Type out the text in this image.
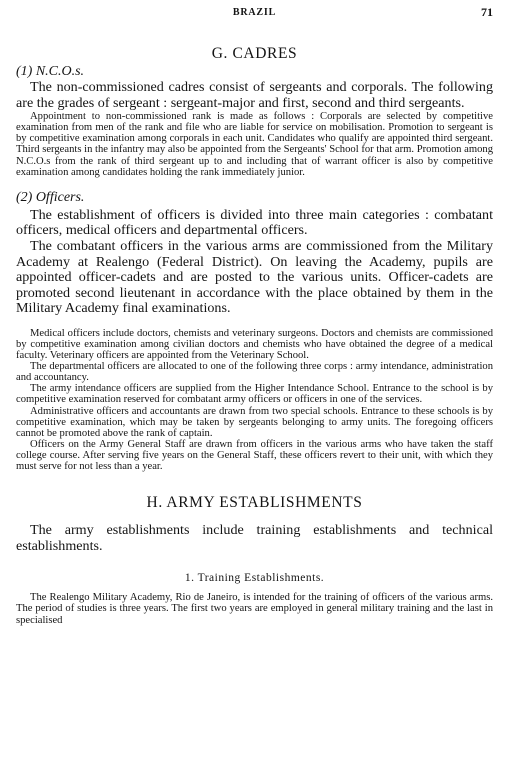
BRAZIL	71
G. CADRES
(1) N.C.O.s.

The non-commissioned cadres consist of sergeants and corporals. The following are the grades of sergeant : sergeant-major and first, second and third sergeants.

Appointment to non-commissioned rank is made as follows : Corporals are selected by competitive examination from men of the rank and file who are liable for service on mobilisation. Promotion to sergeant is by competitive examination among corporals in each unit. Candidates who qualify are appointed third sergeant. Third sergeants in the infantry may also be appointed from the Sergeants' School for that arm. Promotion among N.C.O.s from the rank of third sergeant up to and including that of warrant officer is also by competitive examination among candidates holding the rank immediately junior.

(2) Officers.

The establishment of officers is divided into three main categories : combatant officers, medical officers and departmental officers.

The combatant officers in the various arms are commissioned from the Military Academy at Realengo (Federal District). On leaving the Academy, pupils are appointed officer-cadets and are posted to the various units. Officer-cadets are promoted second lieutenant in accordance with the place obtained by them in the Military Academy final examinations.

Medical officers include doctors, chemists and veterinary surgeons. Doctors and chemists are commissioned by competitive examination among civilian doctors and chemists who have obtained the degree of a medical faculty. Veterinary officers are appointed from the Veterinary School.

The departmental officers are allocated to one of the following three corps : army intendance, administration and accountancy.

The army intendance officers are supplied from the Higher Intendance School. Entrance to the school is by competitive examination reserved for combatant army officers or officers in one of the services.

Administrative officers and accountants are drawn from two special schools. Entrance to these schools is by competitive examination, which may be taken by sergeants belonging to army units. The foregoing officers cannot be promoted above the rank of captain.

Officers on the Army General Staff are drawn from officers in the various arms who have taken the staff college course. After serving five years on the General Staff, these officers revert to their unit, with which they must serve for not less than a year.

H. ARMY ESTABLISHMENTS

The army establishments include training establishments and technical establishments.

1. Training Establishments.

The Realengo Military Academy, Rio de Janeiro, is intended for the training of officers of the various arms. The period of studies is three years. The first two years are employed in general military training and the last in specialised
